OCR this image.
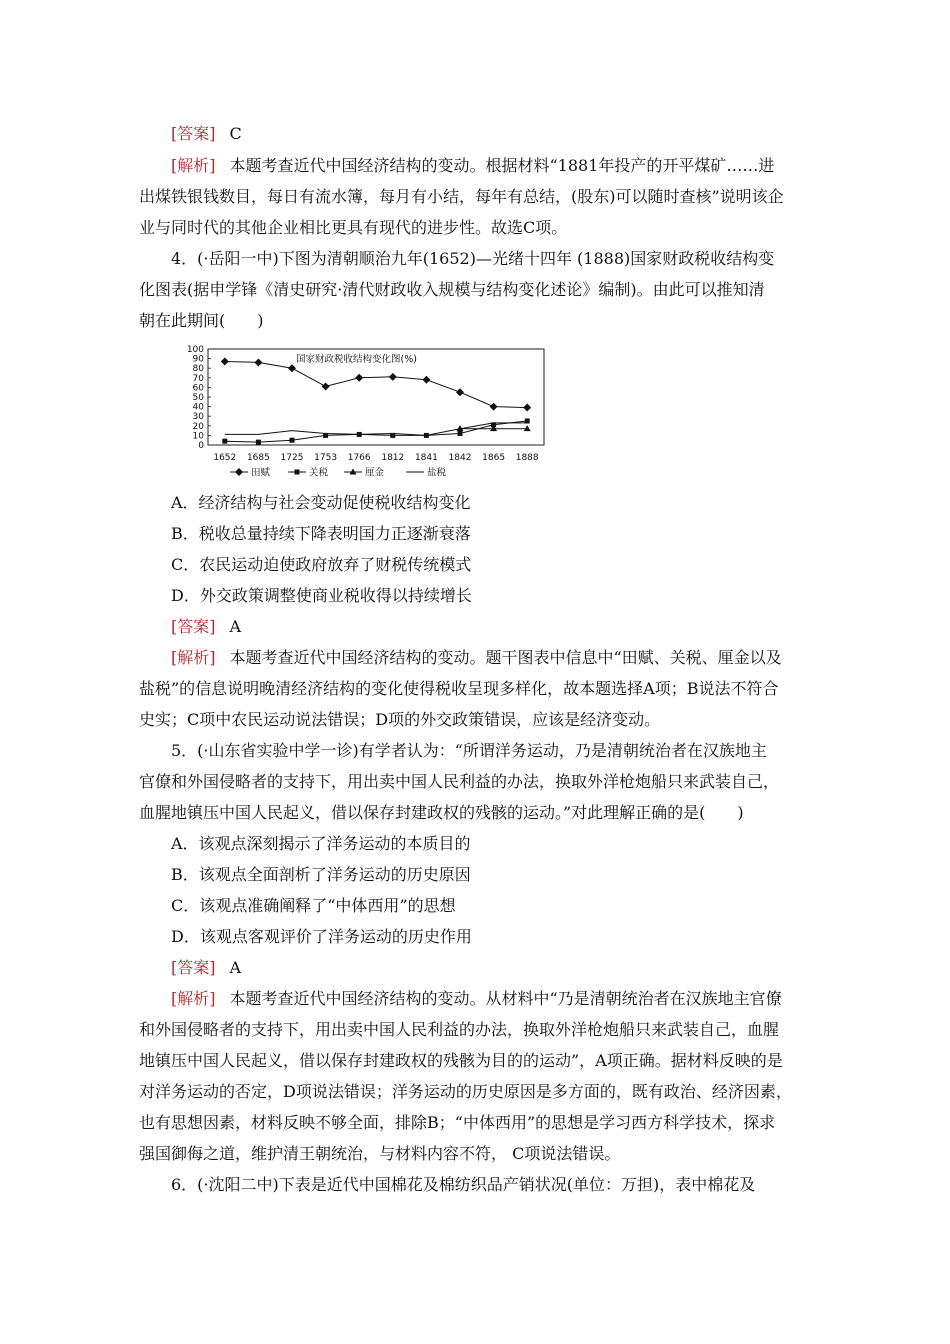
[答案] C
[解析] 本题考查近代中国经济结构的变动。根据材料“1881年投产的开平煤矿……进
出煤铁银钱数目，每日有流水簿，每月有小结，每年有总结，(股东)可以随时查核”说明该企
业与同时代的其他企业相比更具有现代的进步性。故选C项。
4．(·岳阳一中)下图为清朝顺治九年(1652)—光绪十四年 (1888)国家财政税收结构变
化图表(据申学锋《清史研究·清代财政收入规模与结构变化述论》编制)。由此可以推知清
朝在此期间(　　)
国家财政税收结构变化图(%)
100
90
80
70
60
50
40
30
20
10
0
1652 1685 1725 1753 1766 1812 1841 1842 1865 1888
田赋	关税	厘金	盐税
A．经济结构与社会变动促使税收结构变化
B．税收总量持续下降表明国力正逐渐衰落
C．农民运动迫使政府放弃了财税传统模式
D．外交政策调整使商业税收得以持续增长
[答案] A
[解析] 本题考查近代中国经济结构的变动。题干图表中信息中“田赋、关税、厘金以及
盐税”的信息说明晚清经济结构的变化使得税收呈现多样化，故本题选择A项；B说法不符合
史实；C项中农民运动说法错误；D项的外交政策错误，应该是经济变动。
5．(·山东省实验中学一诊)有学者认为：“所谓洋务运动，乃是清朝统治者在汉族地主
官僚和外国侵略者的支持下，用出卖中国人民利益的办法，换取外洋枪炮船只来武装自己，
血腥地镇压中国人民起义，借以保存封建政权的残骸的运动。”对此理解正确的是(　　)
A．该观点深刻揭示了洋务运动的本质目的
B．该观点全面剖析了洋务运动的历史原因
C．该观点准确阐释了“中体西用”的思想
D．该观点客观评价了洋务运动的历史作用
[答案] A
[解析] 本题考查近代中国经济结构的变动。从材料中“乃是清朝统治者在汉族地主官僚
和外国侵略者的支持下，用出卖中国人民利益的办法，换取外洋枪炮船只来武装自己，血腥
地镇压中国人民起义，借以保存封建政权的残骸为目的的运动”，A项正确。据材料反映的是
对洋务运动的否定，D项说法错误；洋务运动的历史原因是多方面的，既有政治、经济因素，
也有思想因素，材料反映不够全面，排除B；“中体西用”的思想是学习西方科学技术，探求
强国御侮之道，维护清王朝统治，与材料内容不符， C项说法错误。
6．(·沈阳二中)下表是近代中国棉花及棉纺织品产销状况(单位：万担)，表中棉花及
